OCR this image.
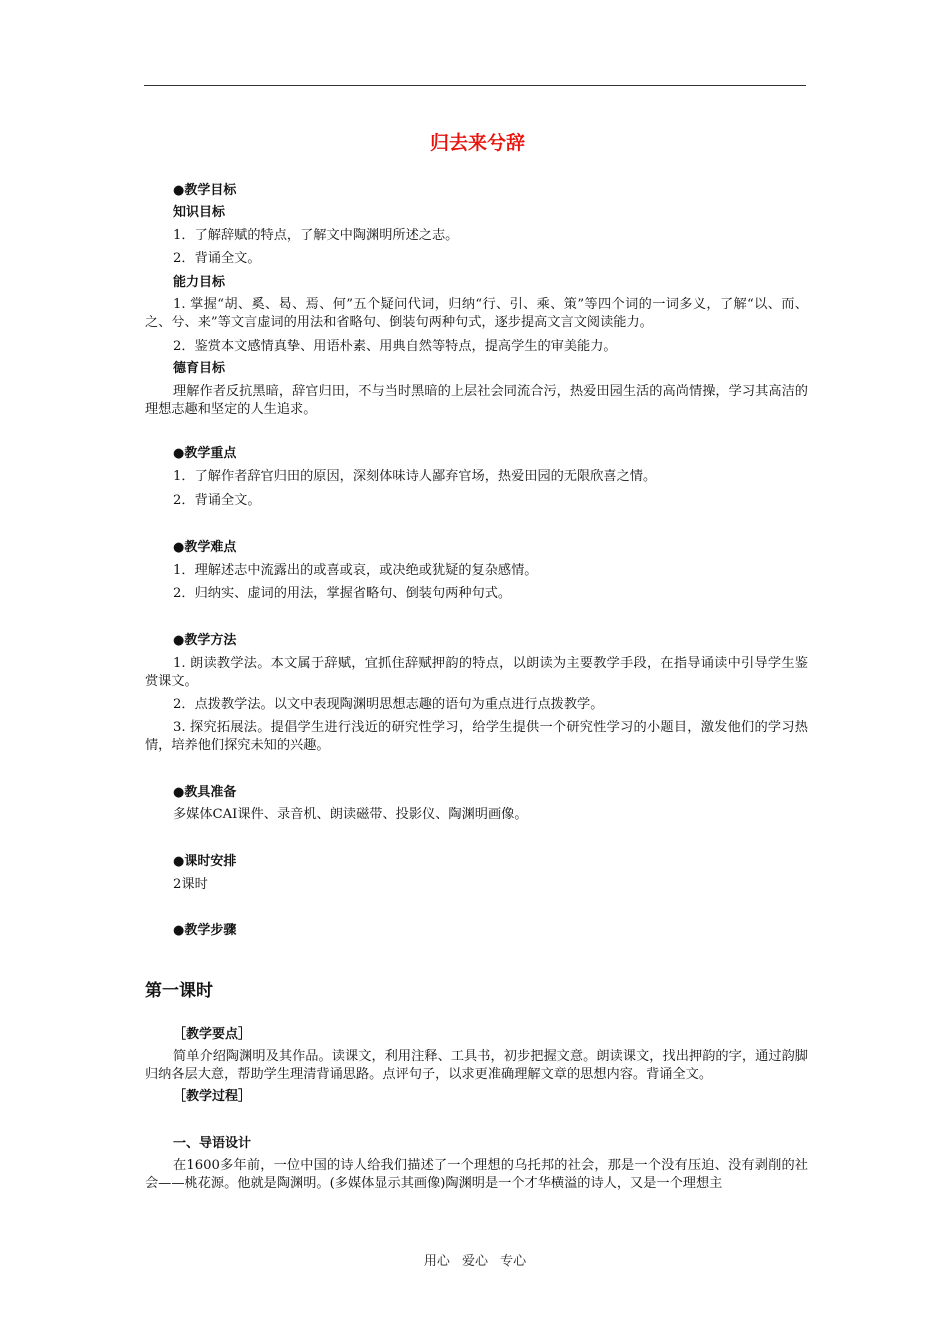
归去来兮辞

●教学目标

知识目标

1．了解辞赋的特点，了解文中陶渊明所述之志。

2．背诵全文。

能力目标

1. 掌握“胡、奚、曷、焉、何”五个疑问代词，归纳“行、引、乘、策”等四个词的一词多义，了解“以、而、之、兮、来”等文言虚词的用法和省略句、倒装句两种句式，逐步提高文言文阅读能力。

2．鉴赏本文感情真挚、用语朴素、用典自然等特点，提高学生的审美能力。

德育目标

理解作者反抗黑暗，辞官归田，不与当时黑暗的上层社会同流合污，热爱田园生活的高尚情操，学习其高洁的理想志趣和坚定的人生追求。

●教学重点

1．了解作者辞官归田的原因，深刻体味诗人鄙弃官场，热爱田园的无限欣喜之情。

2．背诵全文。

●教学难点

1．理解述志中流露出的或喜或哀，或决绝或犹疑的复杂感情。

2．归纳实、虚词的用法，掌握省略句、倒装句两种句式。

●教学方法

1. 朗读教学法。本文属于辞赋，宜抓住辞赋押韵的特点，以朗读为主要教学手段，在指导诵读中引导学生鉴赏课文。

2．点拨教学法。以文中表现陶渊明思想志趣的语句为重点进行点拨教学。

3. 探究拓展法。提倡学生进行浅近的研究性学习，给学生提供一个研究性学习的小题目，激发他们的学习热情，培养他们探究未知的兴趣。

●教具准备

多媒体CAI课件、录音机、朗读磁带、投影仪、陶渊明画像。

●课时安排

2课时

●教学步骤

第一课时

［教学要点］

简单介绍陶渊明及其作品。读课文，利用注释、工具书，初步把握文意。朗读课文，找出押韵的字，通过韵脚归纳各层大意，帮助学生理清背诵思路。点评句子，以求更准确理解文章的思想内容。背诵全文。

［教学过程］

一、导语设计

在1600多年前，一位中国的诗人给我们描述了一个理想的乌托邦的社会，那是一个没有压迫、没有剥削的社会——桃花源。他就是陶渊明。(多媒体显示其画像)陶渊明是一个才华横溢的诗人，又是一个理想主

用心 爱心 专心
